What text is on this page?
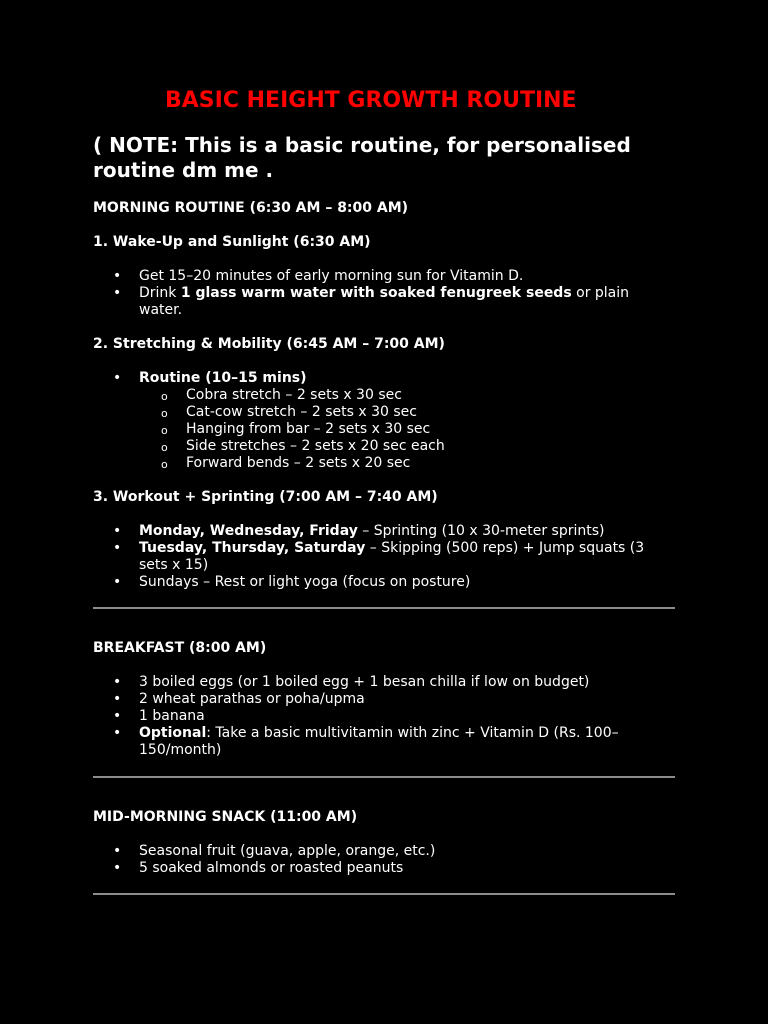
BASIC HEIGHT GROWTH ROUTINE

( NOTE: This is a basic routine, for personalised routine dm me .

MORNING ROUTINE (6:30 AM – 8:00 AM)

1. Wake-Up and Sunlight (6:30 AM)

• Get 15–20 minutes of early morning sun for Vitamin D.
• Drink 1 glass warm water with soaked fenugreek seeds or plain water.

2. Stretching & Mobility (6:45 AM – 7:00 AM)

• Routine (10–15 mins)
o Cobra stretch – 2 sets x 30 sec
o Cat-cow stretch – 2 sets x 30 sec
o Hanging from bar – 2 sets x 30 sec
o Side stretches – 2 sets x 20 sec each
o Forward bends – 2 sets x 20 sec

3. Workout + Sprinting (7:00 AM – 7:40 AM)

• Monday, Wednesday, Friday – Sprinting (10 x 30-meter sprints)
• Tuesday, Thursday, Saturday – Skipping (500 reps) + Jump squats (3 sets x 15)
• Sundays – Rest or light yoga (focus on posture)

BREAKFAST (8:00 AM)

• 3 boiled eggs (or 1 boiled egg + 1 besan chilla if low on budget)
• 2 wheat parathas or poha/upma
• 1 banana
• Optional: Take a basic multivitamin with zinc + Vitamin D (Rs. 100–150/month)

MID-MORNING SNACK (11:00 AM)

• Seasonal fruit (guava, apple, orange, etc.)
• 5 soaked almonds or roasted peanuts
